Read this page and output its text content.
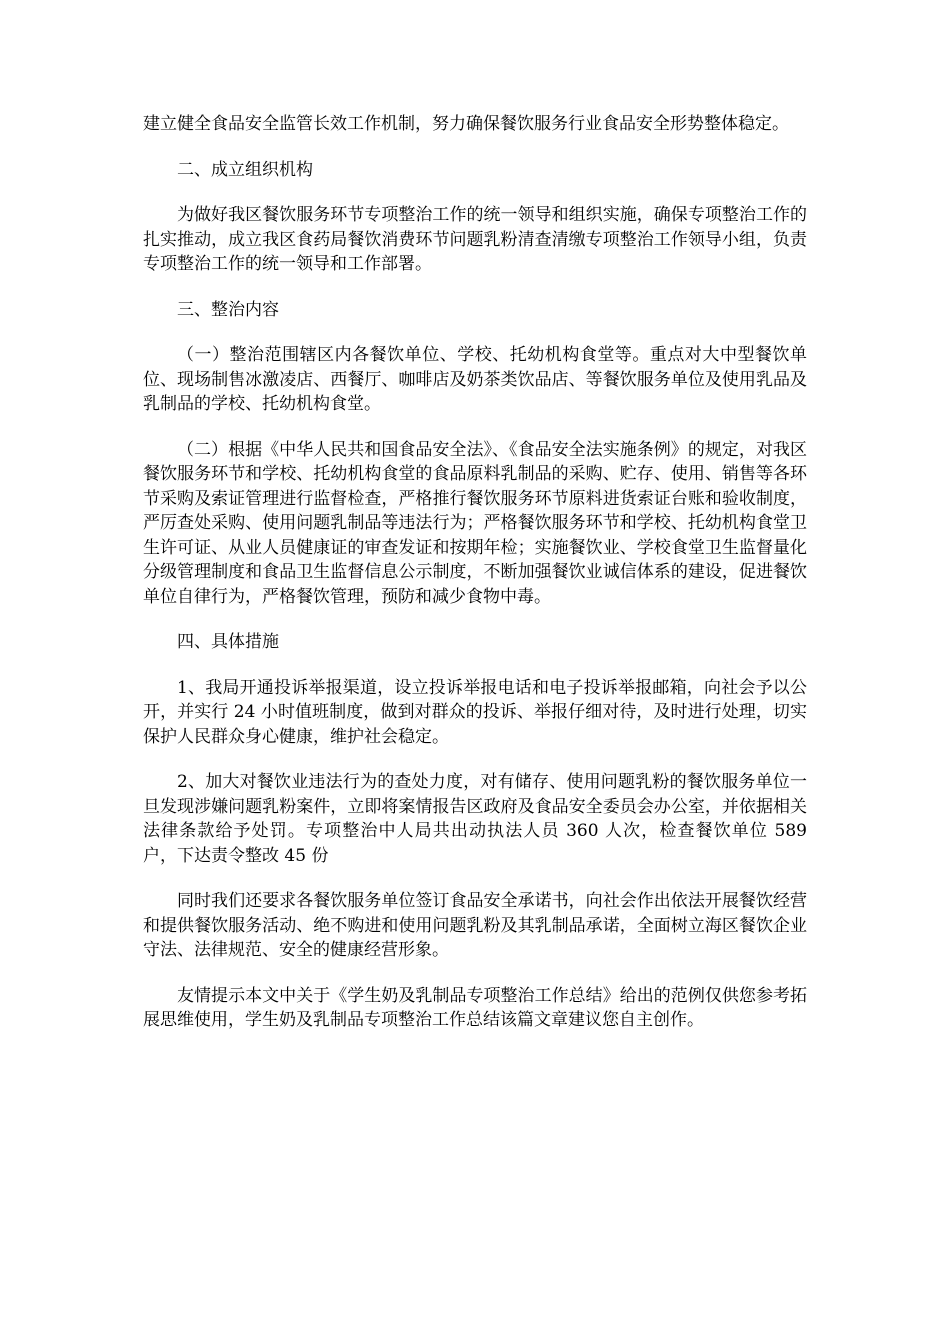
建立健全食品安全监管长效工作机制，努力确保餐饮服务行业食品安全形势整体稳定。

二、成立组织机构

为做好我区餐饮服务环节专项整治工作的统一领导和组织实施，确保专项整治工作的扎实推动，成立我区食药局餐饮消费环节问题乳粉清查清缴专项整治工作领导小组，负责专项整治工作的统一领导和工作部署。

三、整治内容

（一）整治范围辖区内各餐饮单位、学校、托幼机构食堂等。重点对大中型餐饮单位、现场制售冰激凌店、西餐厅、咖啡店及奶茶类饮品店、等餐饮服务单位及使用乳品及乳制品的学校、托幼机构食堂。

（二）根据《中华人民共和国食品安全法》、《食品安全法实施条例》的规定，对我区餐饮服务环节和学校、托幼机构食堂的食品原料乳制品的采购、贮存、使用、销售等各环节采购及索证管理进行监督检查，严格推行餐饮服务环节原料进货索证台账和验收制度，严厉查处采购、使用问题乳制品等违法行为；严格餐饮服务环节和学校、托幼机构食堂卫生许可证、从业人员健康证的审查发证和按期年检；实施餐饮业、学校食堂卫生监督量化分级管理制度和食品卫生监督信息公示制度，不断加强餐饮业诚信体系的建设，促进餐饮单位自律行为，严格餐饮管理，预防和减少食物中毒。

四、具体措施

1、我局开通投诉举报渠道，设立投诉举报电话和电子投诉举报邮箱，向社会予以公开，并实行 24 小时值班制度，做到对群众的投诉、举报仔细对待，及时进行处理，切实保护人民群众身心健康，维护社会稳定。

2、加大对餐饮业违法行为的查处力度，对有储存、使用问题乳粉的餐饮服务单位一旦发现涉嫌问题乳粉案件，立即将案情报告区政府及食品安全委员会办公室，并依据相关法律条款给予处罚。专项整治中人局共出动执法人员 360 人次，检查餐饮单位 589 户，下达责令整改 45 份

同时我们还要求各餐饮服务单位签订食品安全承诺书，向社会作出依法开展餐饮经营和提供餐饮服务活动、绝不购进和使用问题乳粉及其乳制品承诺，全面树立海区餐饮企业守法、法律规范、安全的健康经营形象。

友情提示本文中关于《学生奶及乳制品专项整治工作总结》给出的范例仅供您参考拓展思维使用，学生奶及乳制品专项整治工作总结该篇文章建议您自主创作。
